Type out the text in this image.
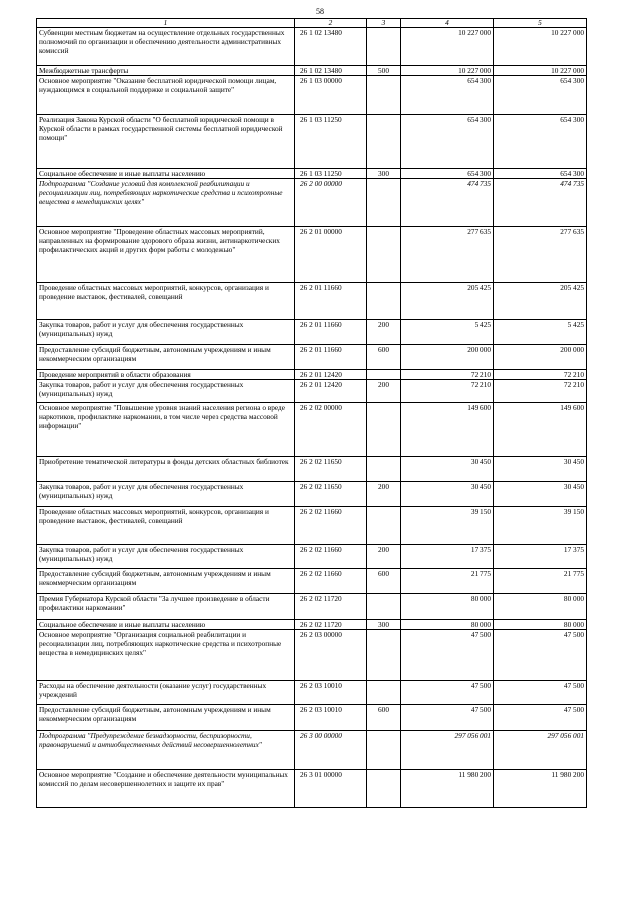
58
1	2	3	4	5
Субвенции местным бюджетам на осуществление отдельных государственных полномочий по организации и обеспечению деятельности административных комиссий	26 1 02 13480		10 227 000	10 227 000
Межбюджетные трансферты	26 1 02 13480	500	10 227 000	10 227 000
Основное мероприятие "Оказание бесплатной юридической помощи лицам, нуждающимся в социальной поддержке и социальной защите"	26 1 03 00000		654 300	654 300
Реализация Закона Курской области "О бесплатной юридической помощи в Курской области в рамках государственной системы бесплатной юридической помощи"	26 1 03 11250		654 300	654 300
Социальное обеспечение и иные выплаты населению	26 1 03 11250	300	654 300	654 300
Подпрограмма "Создание условий для комплексной реабилитации и ресоциализации лиц, потребляющих наркотические средства и психотропные вещества в немедицинских целях"	26 2 00 00000		474 735	474 735
Основное мероприятие "Проведение областных массовых мероприятий, направленных на формирование здорового образа жизни, антинаркотических профилактических акций и других форм работы с молодежью"	26 2 01 00000		277 635	277 635
Проведение областных массовых мероприятий, конкурсов, организация и проведение выставок, фестивалей, совещаний	26 2 01 11660		205 425	205 425
Закупка товаров, работ и услуг для обеспечения государственных (муниципальных) нужд	26 2 01 11660	200	5 425	5 425
Предоставление субсидий бюджетным, автономным учреждениям и иным некоммерческим организациям	26 2 01 11660	600	200 000	200 000
Проведение мероприятий в области образования	26 2 01 12420		72 210	72 210
Закупка товаров, работ и услуг для обеспечения государственных (муниципальных) нужд	26 2 01 12420	200	72 210	72 210
Основное мероприятие "Повышение уровня знаний населения региона о вреде наркотиков, профилактике наркомании, в том числе через средства массовой информации"	26 2 02 00000		149 600	149 600
Приобретение тематической литературы в фонды детских областных библиотек	26 2 02 11650		30 450	30 450
Закупка товаров, работ и услуг для обеспечения государственных (муниципальных) нужд	26 2 02 11650	200	30 450	30 450
Проведение областных массовых мероприятий, конкурсов, организация и проведение выставок, фестивалей, совещаний	26 2 02 11660		39 150	39 150
Закупка товаров, работ и услуг для обеспечения государственных (муниципальных) нужд	26 2 02 11660	200	17 375	17 375
Предоставление субсидий бюджетным, автономным учреждениям и иным некоммерческим организациям	26 2 02 11660	600	21 775	21 775
Премия Губернатора Курской области "За лучшее произведение в области профилактики наркомании"	26 2 02 11720		80 000	80 000
Социальное обеспечение и иные выплаты населению	26 2 02 11720	300	80 000	80 000
Основное мероприятие "Организация социальной реабилитации и ресоциализации лиц, потребляющих наркотические средства и психотропные вещества в немедицинских целях"	26 2 03 00000		47 500	47 500
Расходы на обеспечение деятельности (оказание услуг) государственных учреждений	26 2 03 10010		47 500	47 500
Предоставление субсидий бюджетным, автономным учреждениям и иным некоммерческим организациям	26 2 03 10010	600	47 500	47 500
Подпрограмма "Предупреждение безнадзорности, беспризорности, правонарушений и антиобщественных действий несовершеннолетних"	26 3 00 00000		297 056 001	297 056 001
Основное мероприятие "Создание и обеспечение деятельности муниципальных комиссий по делам несовершеннолетних и защите их прав"	26 3 01 00000		11 980 200	11 980 200
